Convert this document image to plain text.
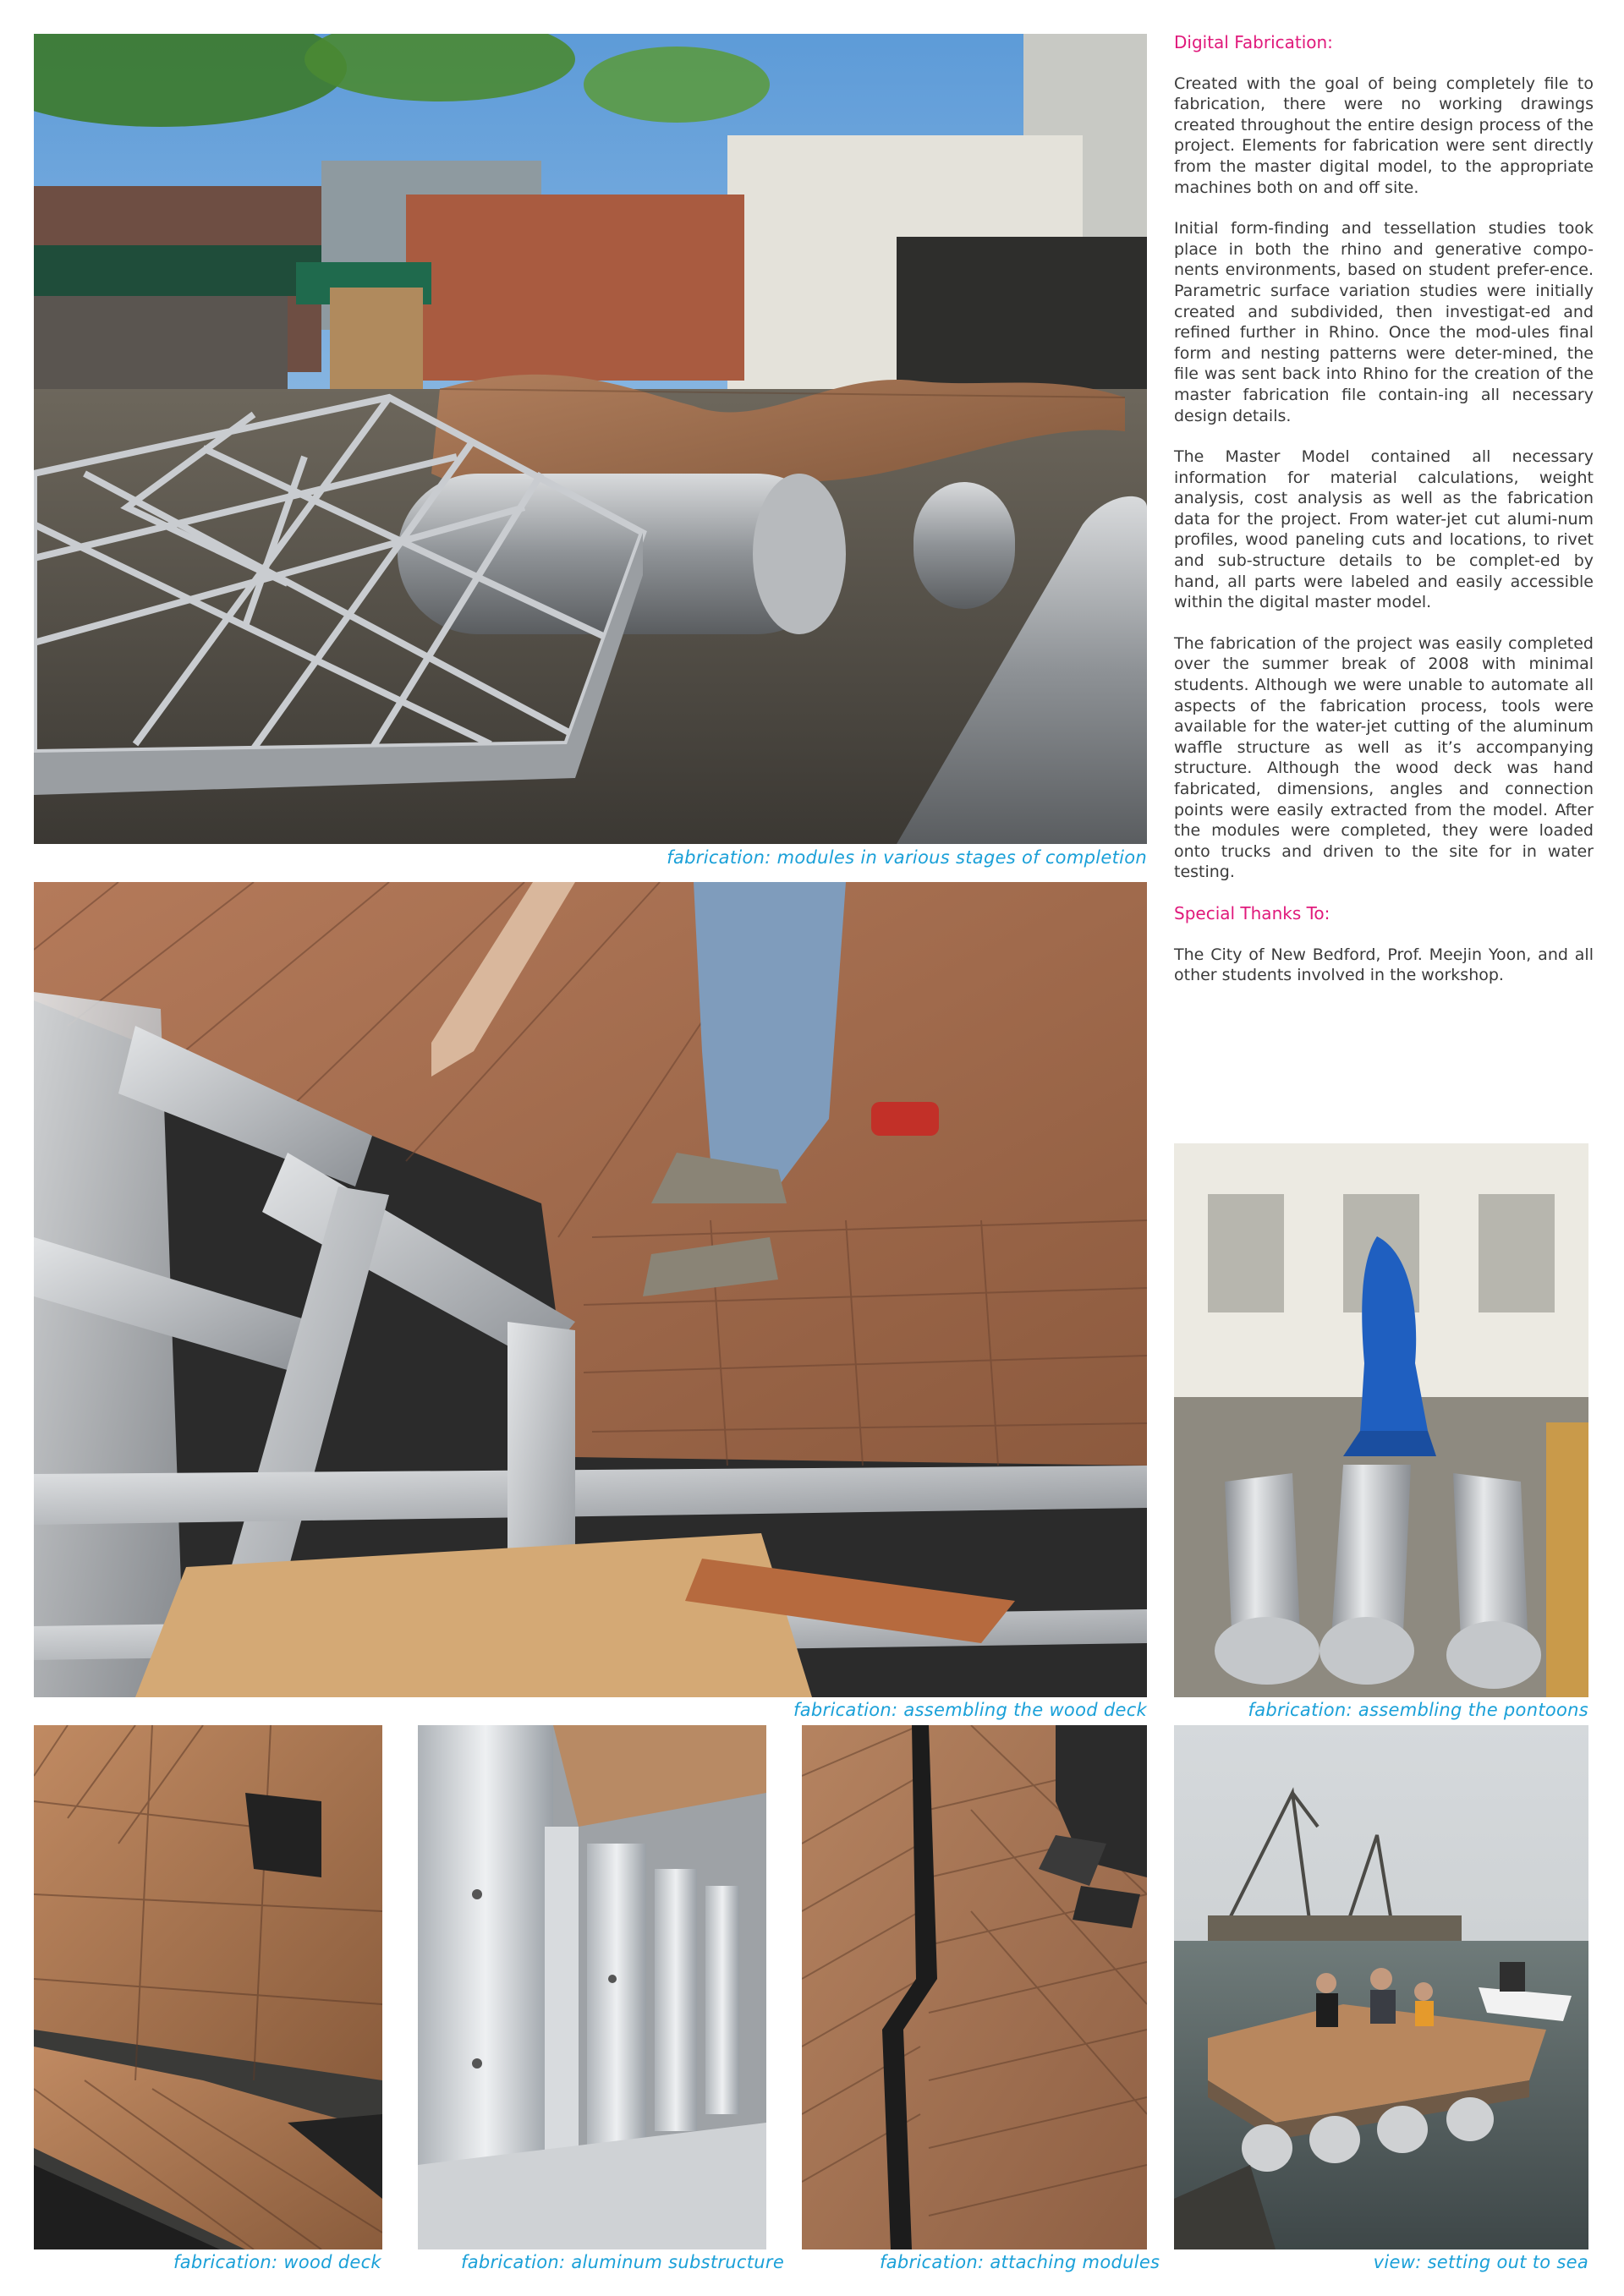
fabrication: modules in various stages of completion
fabrication: assembling the wood deck	fabrication: assembling the pontoons
fabrication: wood deck	fabrication: aluminum substructure	fabrication: attaching modules	view: setting out to sea
Digital Fabrication:

Created with the goal of being completely file to fabrication, there were no working drawings created throughout the entire design process of the project. Elements for fabrication were sent directly from the master digital model, to the appropriate machines both on and off site.

Initial form-finding and tessellation studies took place in both the rhino and generative compo-nents environments, based on student prefer-ence. Parametric surface variation studies were initially created and subdivided, then investigat-ed and refined further in Rhino. Once the mod-ules final form and nesting patterns were deter-mined, the file was sent back into Rhino for the creation of the master fabrication file contain-ing all necessary design details.

The Master Model contained all necessary information for material calculations, weight analysis, cost analysis as well as the fabrication data for the project. From water-jet cut alumi-num profiles, wood paneling cuts and locations, to rivet and sub-structure details to be complet-ed by hand, all parts were labeled and easily accessible within the digital master model.

The fabrication of the project was easily completed over the summer break of 2008 with minimal students. Although we were unable to automate all aspects of the fabrication process, tools were available for the water-jet cutting of the aluminum waffle structure as well as it’s accompanying structure. Although the wood deck was hand fabricated, dimensions, angles and connection points were easily extracted from the model. After the modules were completed, they were loaded onto trucks and driven to the site for in water testing.

Special Thanks To:

The City of New Bedford, Prof. Meejin Yoon, and all other students involved in the workshop.
